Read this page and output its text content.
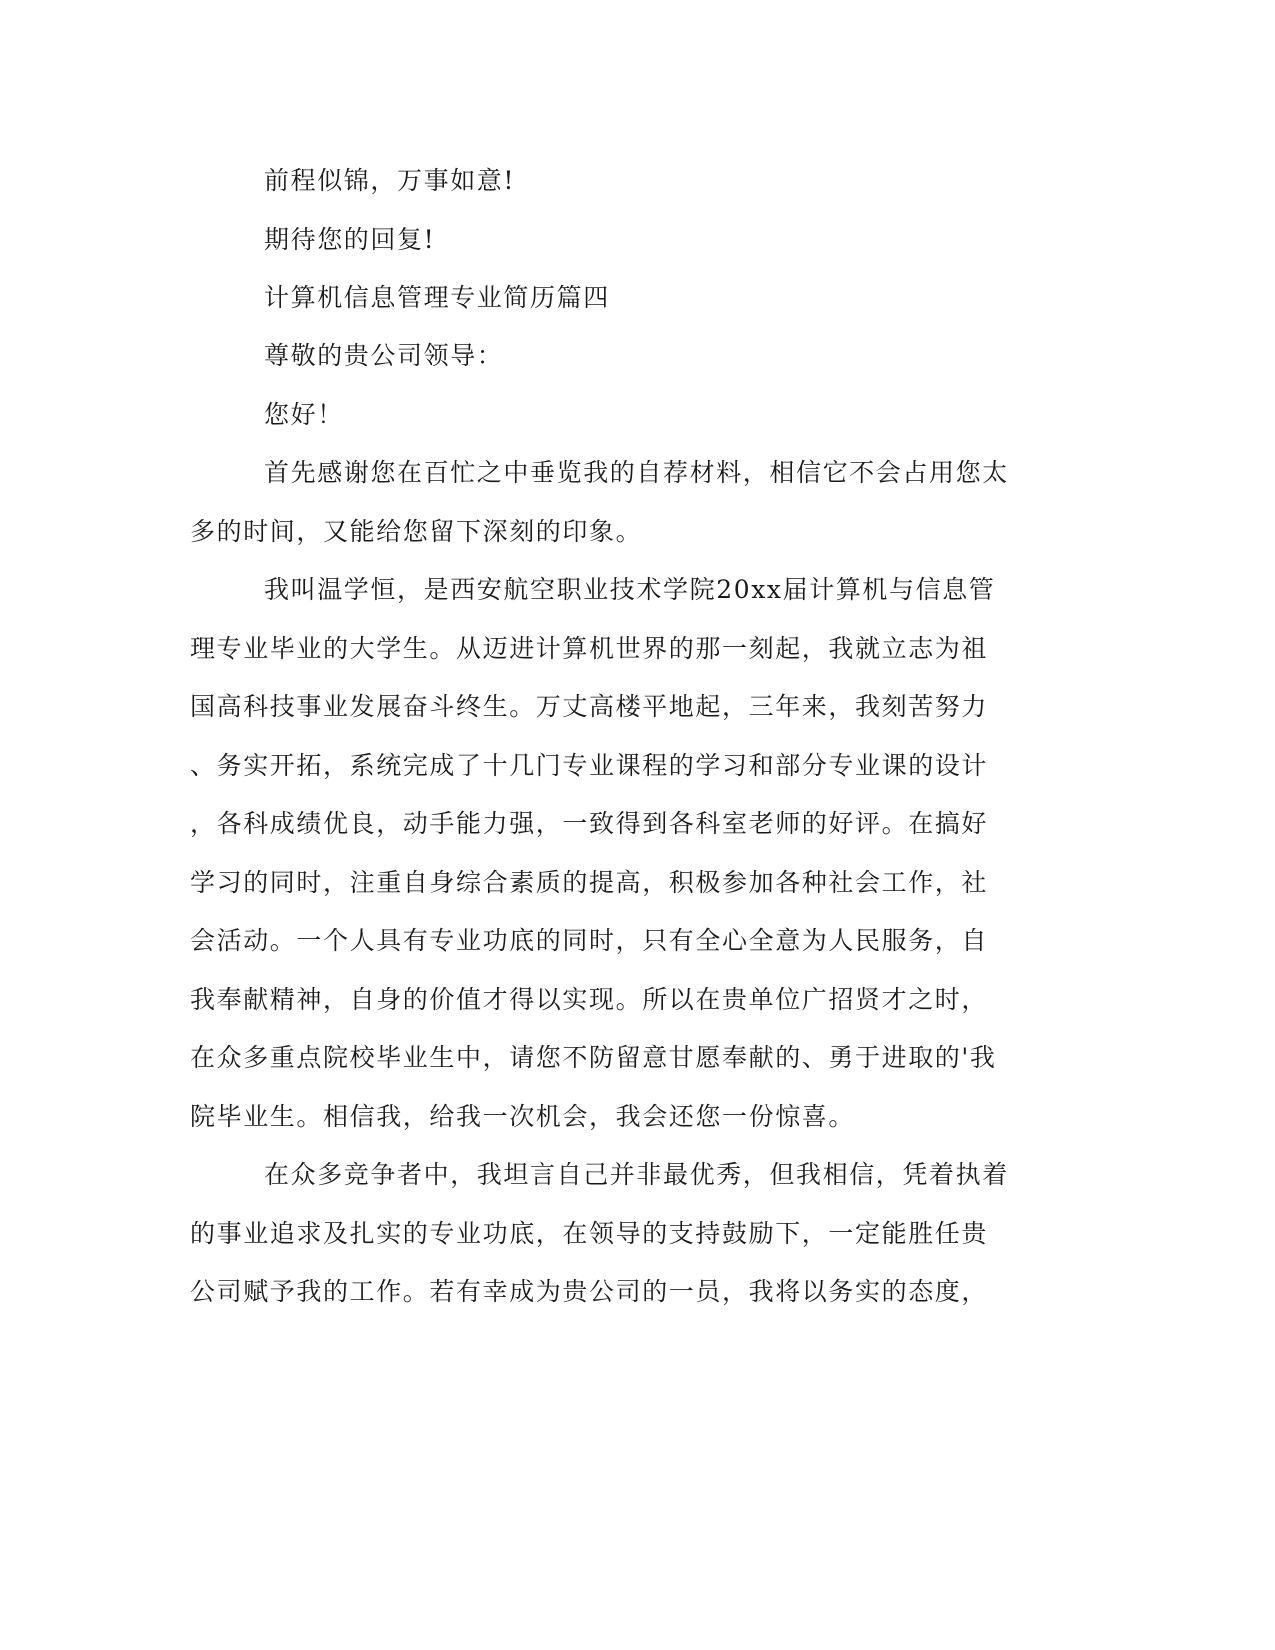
前程似锦，万事如意!
期待您的回复!
计算机信息管理专业简历篇四
尊敬的贵公司领导：
您好！
首先感谢您在百忙之中垂览我的自荐材料，相信它不会占用您太
多的时间，又能给您留下深刻的印象。
我叫温学恒，是西安航空职业技术学院20xx届计算机与信息管
理专业毕业的大学生。从迈进计算机世界的那一刻起，我就立志为祖
国高科技事业发展奋斗终生。万丈高楼平地起，三年来，我刻苦努力
、务实开拓，系统完成了十几门专业课程的学习和部分专业课的设计
，各科成绩优良，动手能力强，一致得到各科室老师的好评。在搞好
学习的同时，注重自身综合素质的提高，积极参加各种社会工作，社
会活动。一个人具有专业功底的同时，只有全心全意为人民服务，自
我奉献精神，自身的价值才得以实现。所以在贵单位广招贤才之时，
在众多重点院校毕业生中，请您不防留意甘愿奉献的、勇于进取的'我
院毕业生。相信我，给我一次机会，我会还您一份惊喜。
在众多竞争者中，我坦言自己并非最优秀，但我相信，凭着执着
的事业追求及扎实的专业功底，在领导的支持鼓励下，一定能胜任贵
公司赋予我的工作。若有幸成为贵公司的一员，我将以务实的态度，
